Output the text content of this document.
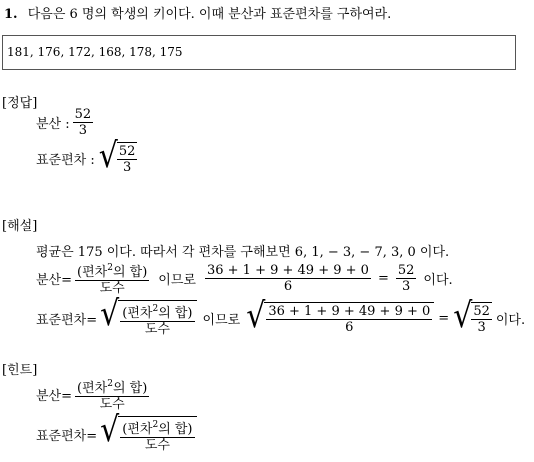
1. 다음은 6 명의 학생의 키이다. 이때 분산과 표준편차를 구하여라.
181, 176, 172, 168, 178, 175
[정답]
분산 : $\frac{52}{3}$
표준편차 : √ $\frac{52}{3}$
[해설]
평균은 175 이다. 따라서 각 편차를 구해보면 6, 1, − 3, − 7, 3, 0 이다.
분산= $\frac{(편차^2의 합)}{\text{도수}}$ 이므로 $\frac{36 + 1 + 9 + 49 + 9 + 0}{6} = \frac{52}{3}$ 이다.
표준편차= √ $\frac{(편차^2의 합)}{\text{도수}}$ 이므로 √ $\frac{36 + 1 + 9 + 49 + 9 + 0}{6}$ = √ $\frac{52}{3}$ 이다.
[힌트]
분산= $\frac{(편차^2의 합)}{\text{도수}}$
표준편차= √ $\frac{(편차^2의 합)}{\text{도수}}$
